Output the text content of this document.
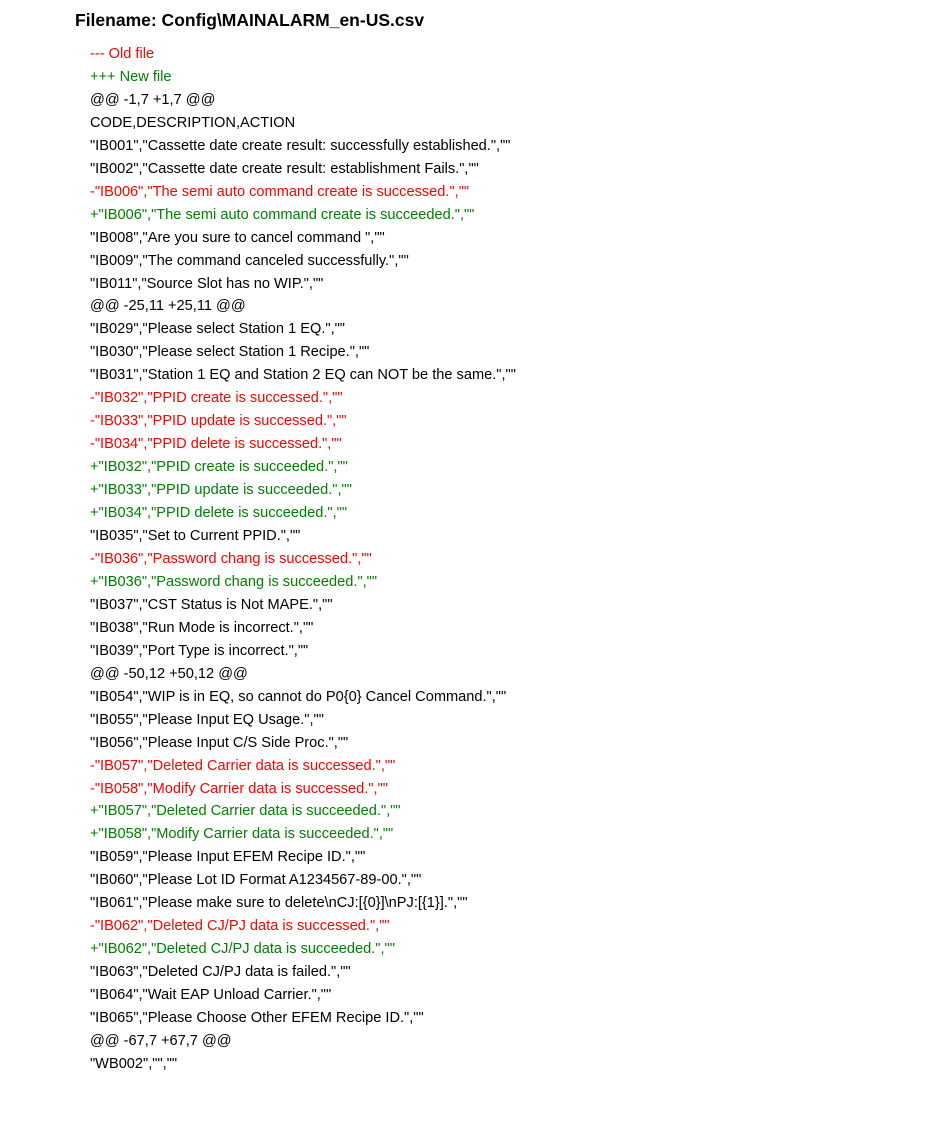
Filename: Config\MAINALARM_en-US.csv
--- Old file
+++ New file
@@ -1,7 +1,7 @@
CODE,DESCRIPTION,ACTION
"IB001","Cassette date create result: successfully established.",""
"IB002","Cassette date create result: establishment Fails.",""
-"IB006","The semi auto command create is successed.",""
+"IB006","The semi auto command create is succeeded.",""
"IB008","Are you sure to cancel command ",""
"IB009","The command canceled successfully.",""
"IB011","Source Slot has no WIP.",""
@@ -25,11 +25,11 @@
"IB029","Please select Station 1 EQ.",""
"IB030","Please select Station 1 Recipe.",""
"IB031","Station 1 EQ and Station 2 EQ can NOT be the same.",""
-"IB032","PPID create is successed.",""
-"IB033","PPID update is successed.",""
-"IB034","PPID delete is successed.",""
+"IB032","PPID create is succeeded.",""
+"IB033","PPID update is succeeded.",""
+"IB034","PPID delete is succeeded.",""
"IB035","Set to Current PPID.",""
-"IB036","Password chang is successed.",""
+"IB036","Password chang is succeeded.",""
"IB037","CST Status is Not MAPE.",""
"IB038","Run Mode is incorrect.",""
"IB039","Port Type is incorrect.",""
@@ -50,12 +50,12 @@
"IB054","WIP is in EQ, so cannot do P0{0} Cancel Command.",""
"IB055","Please Input EQ Usage.",""
"IB056","Please Input C/S Side Proc.",""
-"IB057","Deleted Carrier data is successed.",""
-"IB058","Modify Carrier data is successed.",""
+"IB057","Deleted Carrier data is succeeded.",""
+"IB058","Modify Carrier data is succeeded.",""
"IB059","Please Input EFEM Recipe ID.",""
"IB060","Please Lot ID Format A1234567-89-00.",""
"IB061","Please make sure to delete\nCJ:[{0}]\nPJ:[{1}].",""
-"IB062","Deleted CJ/PJ data is successed.",""
+"IB062","Deleted CJ/PJ data is succeeded.",""
"IB063","Deleted CJ/PJ data is failed.",""
"IB064","Wait EAP Unload Carrier.",""
"IB065","Please Choose Other EFEM Recipe ID.",""
@@ -67,7 +67,7 @@
"WB002","",""
